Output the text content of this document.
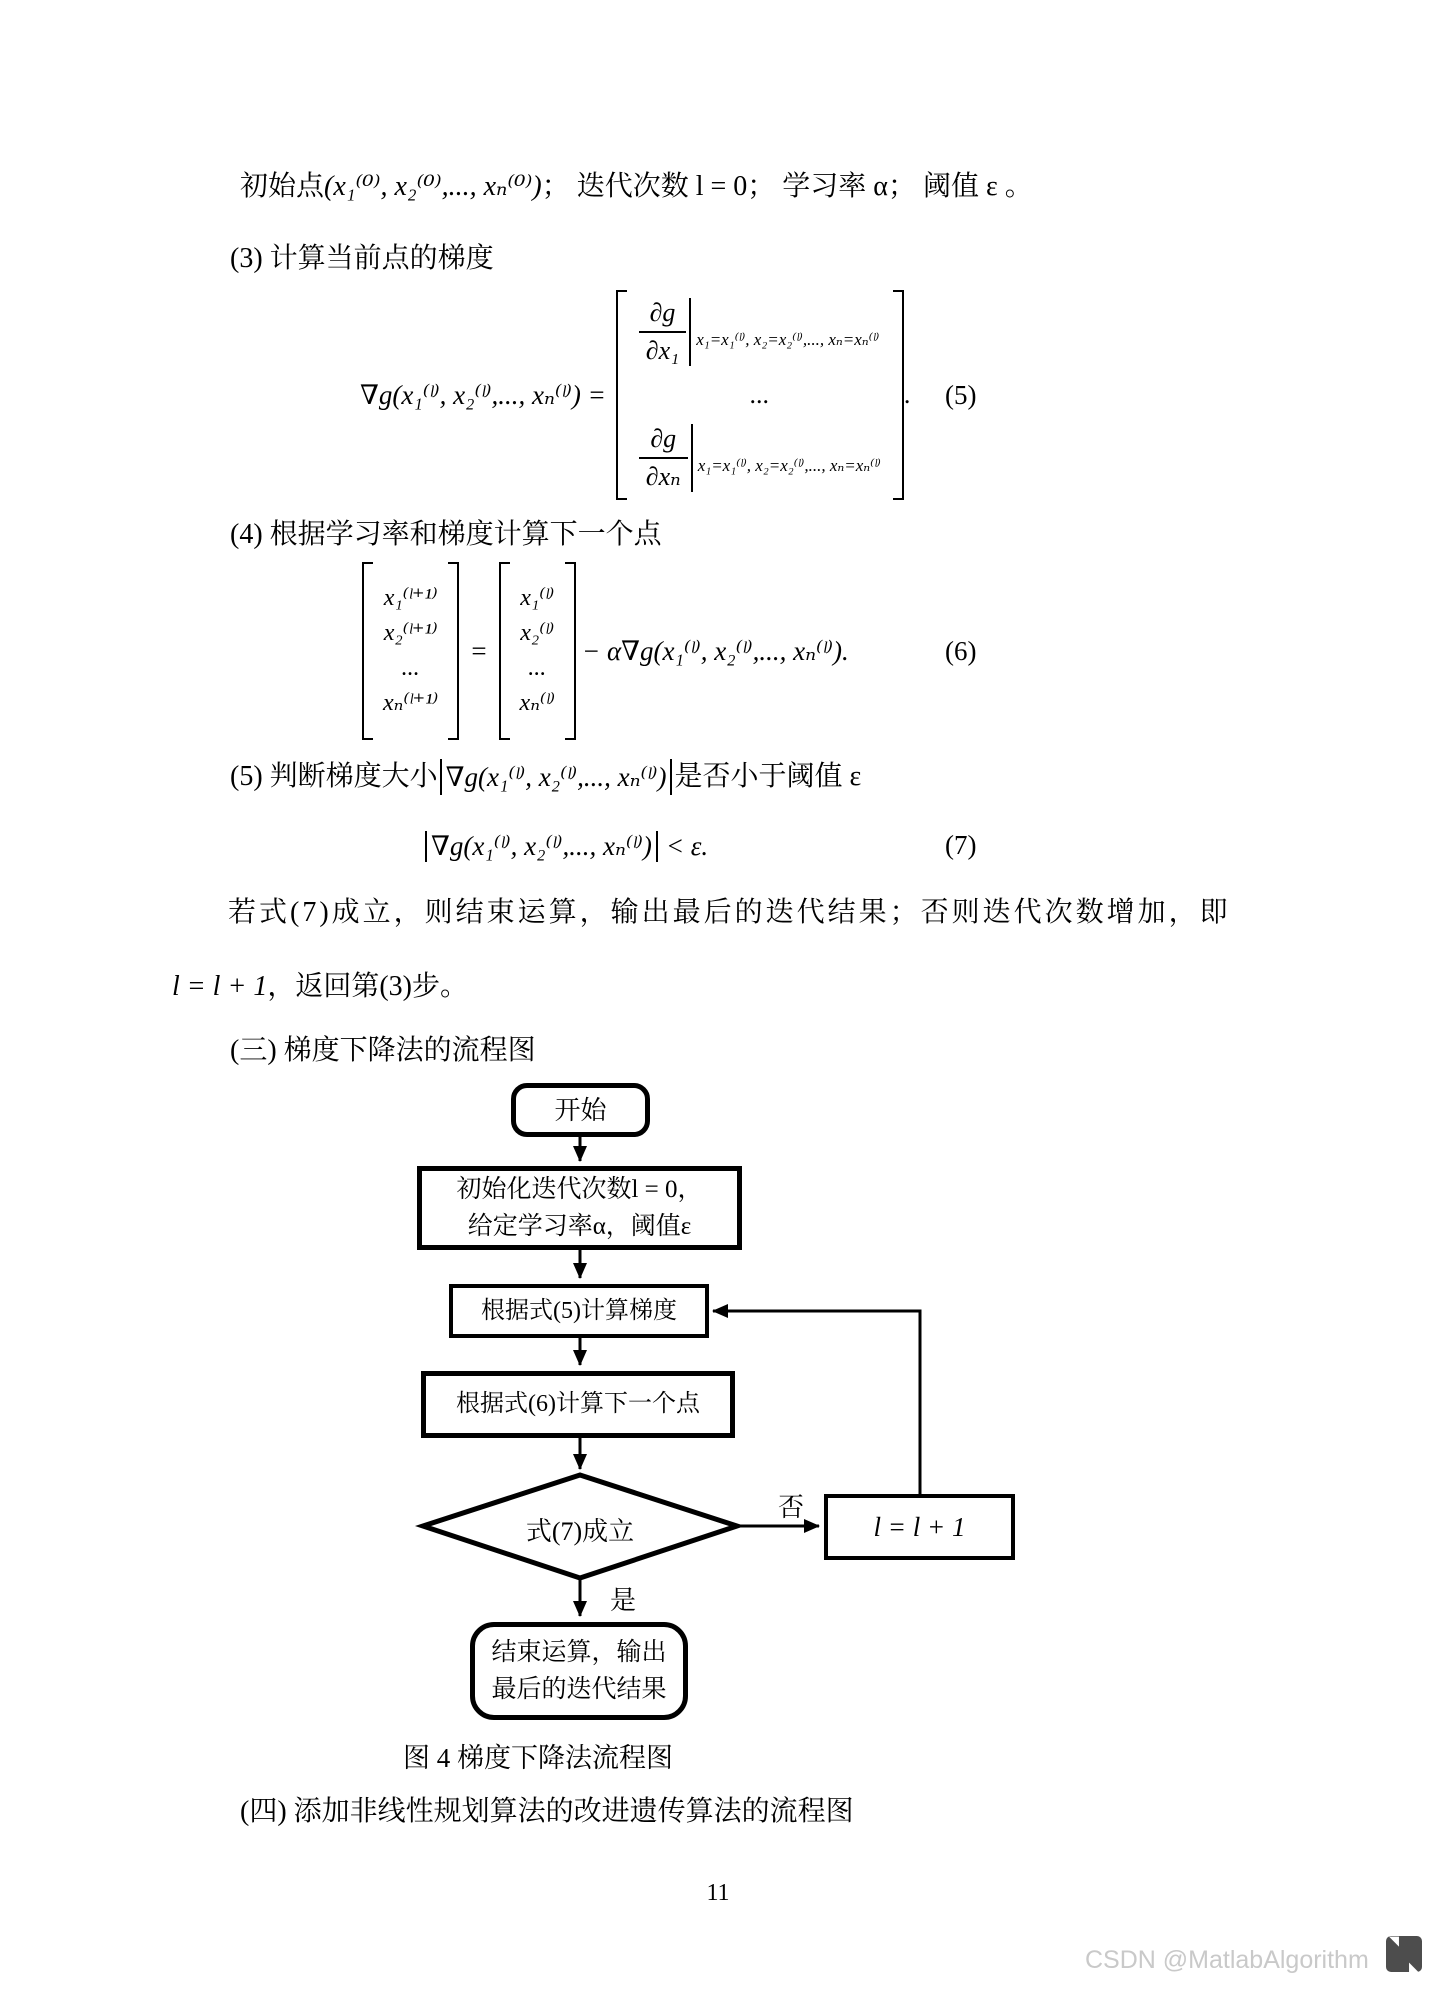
初始点(x₁⁽⁰⁾, x₂⁽⁰⁾,..., xₙ⁽⁰⁾)； 迭代次数 l = 0； 学习率 α； 阈值 ε 。
(3) 计算当前点的梯度
∇g(x₁⁽ˡ⁾, x₂⁽ˡ⁾,..., xₙ⁽ˡ⁾) =
$\frac{\partial g}{\text{∂x₁}}$ x₁=x₁⁽ˡ⁾, x₂=x₂⁽ˡ⁾,..., xₙ=xₙ⁽ˡ⁾
...
$\frac{\partial g}{\text{∂xₙ}}$ x₁=x₁⁽ˡ⁾, x₂=x₂⁽ˡ⁾,..., xₙ=xₙ⁽ˡ⁾
. (5)
(4) 根据学习率和梯度计算下一个点
x₁⁽ˡ⁺¹⁾
x₂⁽ˡ⁺¹⁾
...
xₙ⁽ˡ⁺¹⁾
=
x₁⁽ˡ⁾
x₂⁽ˡ⁾
...
xₙ⁽ˡ⁾
− α∇g(x₁⁽ˡ⁾, x₂⁽ˡ⁾,..., xₙ⁽ˡ⁾).	(6)
(5) 判断梯度大小 ∇g(x₁⁽ˡ⁾, x₂⁽ˡ⁾,..., xₙ⁽ˡ⁾) 是否小于阈值 ε
∇g(x₁⁽ˡ⁾, x₂⁽ˡ⁾,..., xₙ⁽ˡ⁾) < ε.	(7)
若式(7)成立，则结束运算，输出最后的迭代结果；否则迭代次数增加，即
l = l + 1，返回第(3)步。
(三) 梯度下降法的流程图
开始
初始化迭代次数l = 0，
给定学习率α，阈值ε
根据式(5)计算梯度
根据式(6)计算下一个点
式(7)成立	l = l + 1
结束运算，输出
最后的迭代结果
否
是
图 4 梯度下降法流程图
(四) 添加非线性规划算法的改进遗传算法的流程图
11
CSDN @MatlabAlgorithm
◥
◣
